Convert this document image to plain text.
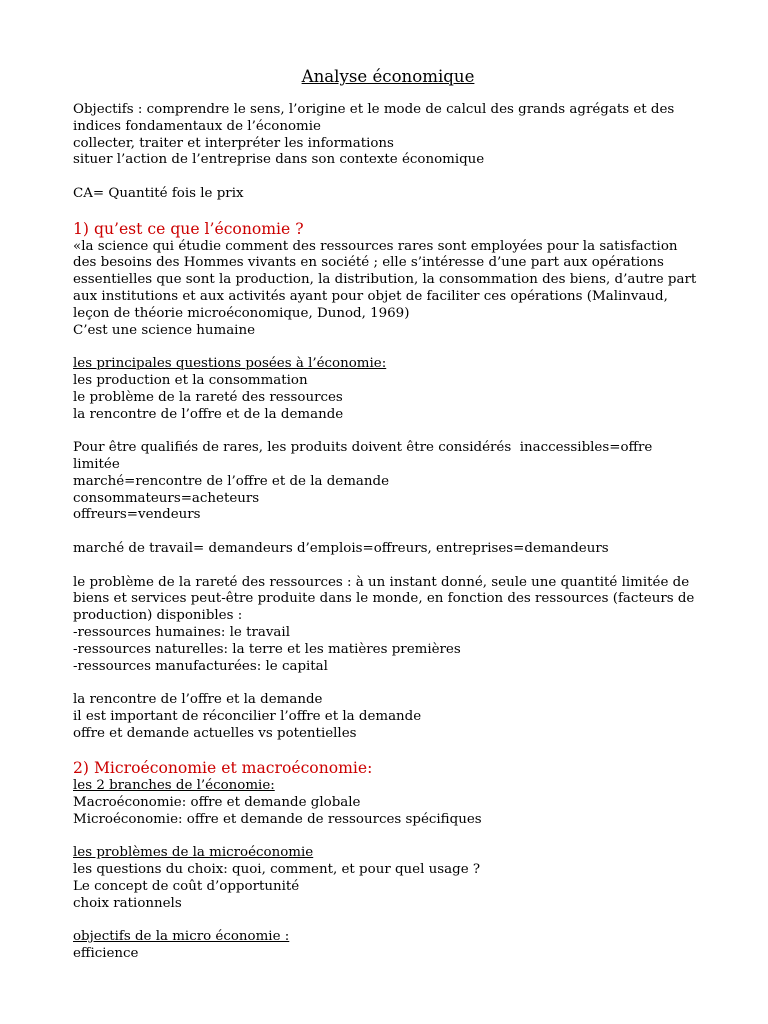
Analyse économique

Objectifs : comprendre le sens, l’origine et le mode de calcul des grands agrégats et des indices fondamentaux de l’économie

collecter, traiter et interpréter les informations

situer l’action de l’entreprise dans son contexte économique

CA= Quantité fois le prix

1) qu’est ce que l’économie ?

«la science qui étudie comment des ressources rares sont employées pour la satisfaction des besoins des Hommes vivants en société ; elle s’intéresse d’une part aux opérations essentielles que sont la production, la distribution, la consommation des biens, d’autre part aux institutions et aux activités ayant pour objet de faciliter ces opérations (Malinvaud, leçon de théorie microéconomique, Dunod, 1969)

C’est une science humaine

les principales questions posées à l’économie:

les production et la consommation

le problème de la rareté des ressources

la rencontre de l’offre et de la demande

Pour être qualifiés de rares, les produits doivent être considérés  inaccessibles=offre limitée

marché=rencontre de l’offre et de la demande

consommateurs=acheteurs

offreurs=vendeurs

marché de travail= demandeurs d’emplois=offreurs, entreprises=demandeurs

le problème de la rareté des ressources : à un instant donné, seule une quantité limitée de biens et services peut-être produite dans le monde, en fonction des ressources (facteurs de production) disponibles :

-ressources humaines: le travail

-ressources naturelles: la terre et les matières premières

-ressources manufacturées: le capital

la rencontre de l’offre et la demande

il est important de réconcilier l’offre et la demande

offre et demande actuelles vs potentielles

2) Microéconomie et macroéconomie:

les 2 branches de l’économie:

Macroéconomie: offre et demande globale

Microéconomie: offre et demande de ressources spécifiques

les problèmes de la microéconomie

les questions du choix: quoi, comment, et pour quel usage ?

Le concept de coût d’opportunité

choix rationnels

objectifs de la micro économie :

efficience
